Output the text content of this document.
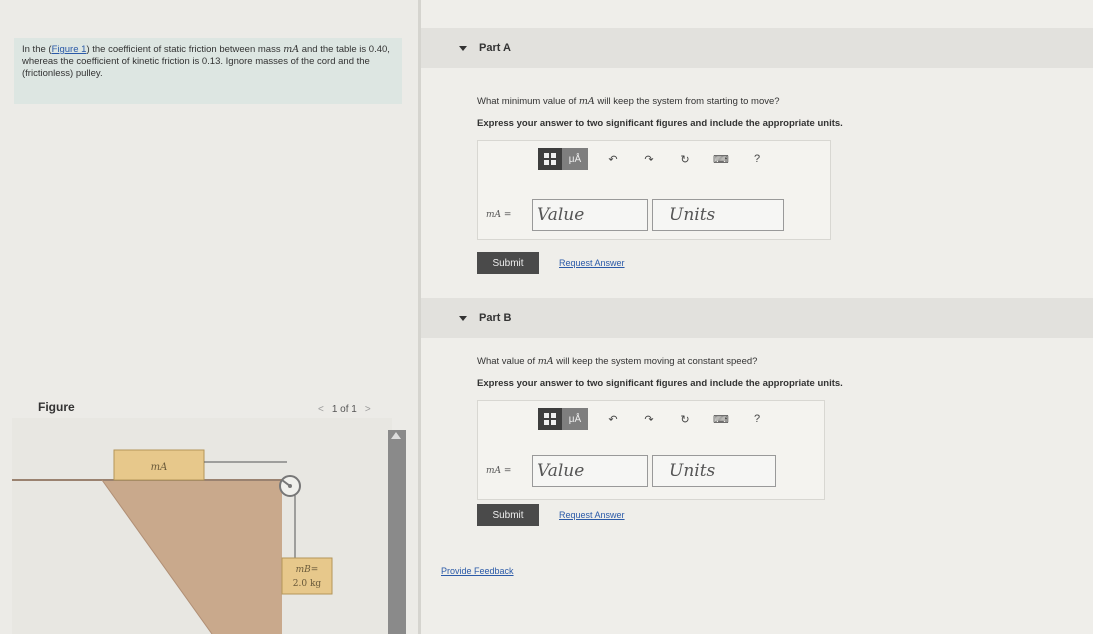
In the (Figure 1) the coefficient of static friction between mass mA and the table is 0.40, whereas the coefficient of kinetic friction is 0.13. Ignore masses of the cord and the (frictionless) pulley.
Figure	< 1 of 1 >
mA
mB=
2.0 kg
Part A
What minimum value of mA will keep the system from starting to move?
Express your answer to two significant figures and include the appropriate units.
μÅ	↶	↷	↻	⌨	?
mA =	Value	Units
Submit	Request Answer
Part B
What value of mA will keep the system moving at constant speed?
Express your answer to two significant figures and include the appropriate units.
μÅ	↶	↷	↻	⌨	?
mA =	Value	Units
Submit	Request Answer
Provide Feedback
